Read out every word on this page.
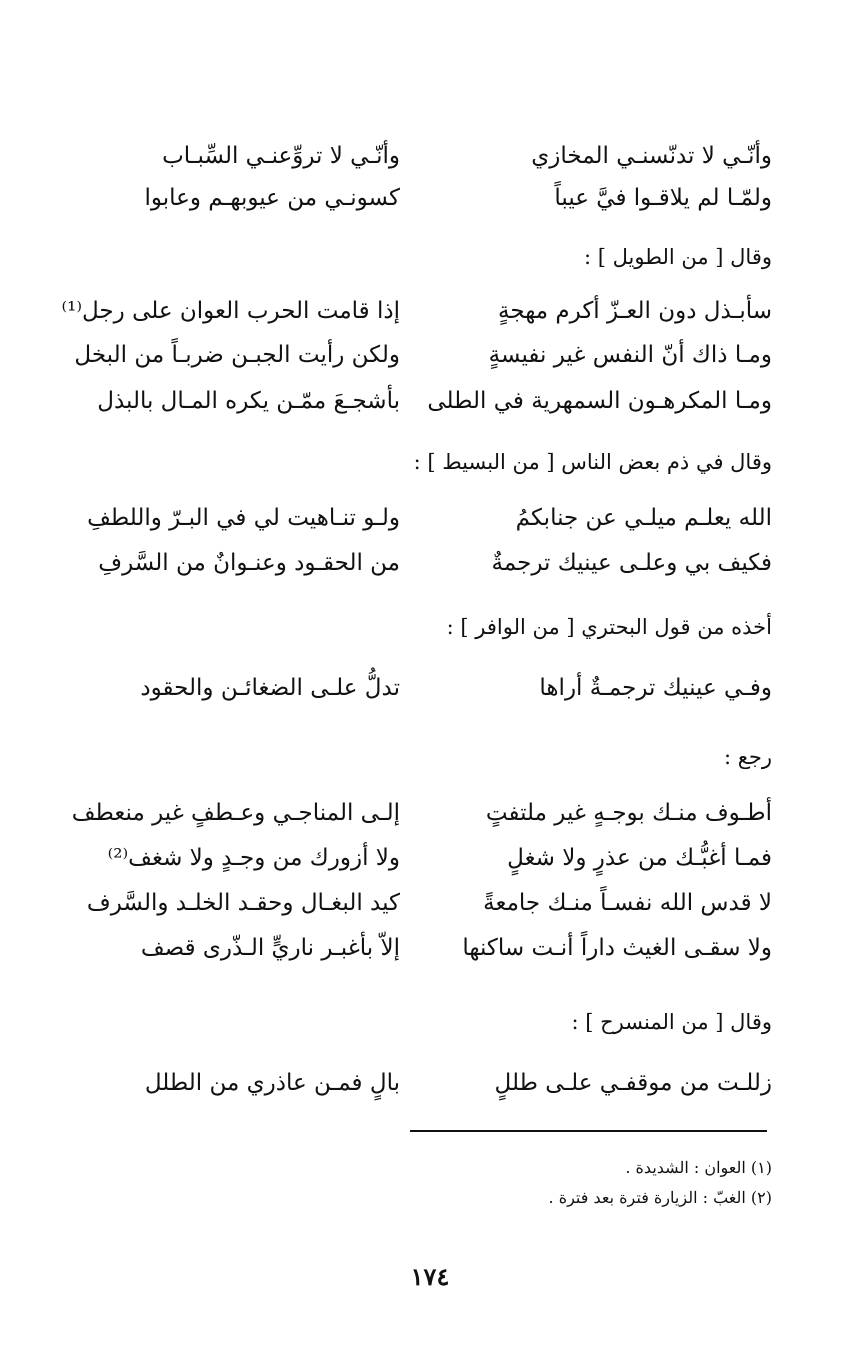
وأنّـي لا تدنّسنـي المخازي
وأنّـي لا تروِّعنـي السِّبـاب
ولمّـا لم يلاقـوا فيَّ عيباً
كسونـي من عيوبهـم وعابوا
وقال [ من الطويل ] :
سأبـذل دون العـزّ أكرم مهجةٍ
إذا قامت الحرب العوان على رجل⁽¹⁾
ومـا ذاك أنّ النفس غير نفيسةٍ
ولكن رأيت الجبـن ضربـاً من البخل
ومـا المكرهـون السمهرية في الطلى
بأشجـعَ ممّـن يكره المـال بالبذل
وقال في ذم بعض الناس [ من البسيط ] :
الله يعلـم ميلـي عن جنابكمُ
ولـو تنـاهيت لي في البـرّ واللطفِ
فكيف بي وعلـى عينيك ترجمةٌ
من الحقـود وعنـوانٌ من السَّرفِ
أخذه من قول البحتري [ من الوافر ] :
وفـي عينيك ترجمـةٌ أراها
تدلُّ علـى الضغائـن والحقود
رجع :
أطـوف منـك بوجـهٍ غير ملتفتٍ
إلـى المناجـي وعـطفٍ غير منعطف
فمـا أغبُّـك من عذرٍ ولا شغلٍ
ولا أزورك من وجـدٍ ولا شغف⁽²⁾
لا قدس الله نفسـاً منـك جامعةً
كيد البغـال وحقـد الخلـد والسَّرف
ولا سقـى الغيث داراً أنـت ساكنها
إلاّ بأغبـر ناريٍّ الـذّرى قصف
وقال [ من المنسرح ] :
زللـت من موقفـي علـى طللٍ
بالٍ فمـن عاذري من الطلل
(١) العوان : الشديدة .
(٢) الغبّ : الزيارة فترة بعد فترة .
١٧٤
